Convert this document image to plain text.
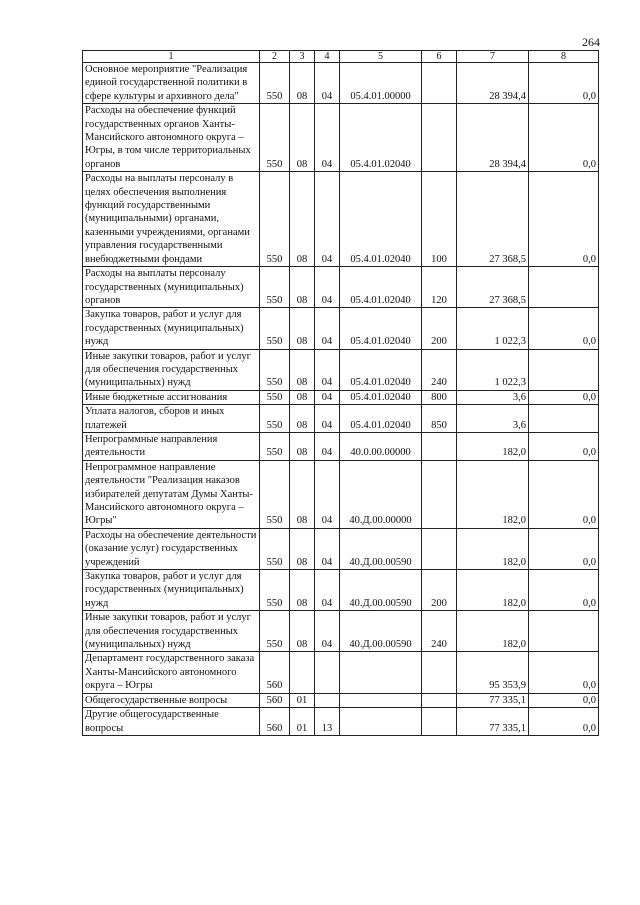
264
1	2	3	4	5	6	7	8
Основное мероприятие "Реализация единой государственной политики в сфере культуры и архивного дела"	550	08	04	05.4.01.00000		28 394,4	0,0
Расходы на обеспечение функций государственных органов Ханты-Мансийского автономного округа – Югры, в том числе территориальных органов	550	08	04	05.4.01.02040		28 394,4	0,0
Расходы на выплаты персоналу в целях обеспечения выполнения функций государственными (муниципальными) органами, казенными учреждениями, органами управления государственными внебюджетными фондами	550	08	04	05.4.01.02040	100	27 368,5	0,0
Расходы на выплаты персоналу государственных (муниципальных) органов	550	08	04	05.4.01.02040	120	27 368,5	
Закупка товаров, работ и услуг для государственных (муниципальных) нужд	550	08	04	05.4.01.02040	200	1 022,3	0,0
Иные закупки товаров, работ и услуг для обеспечения государственных (муниципальных) нужд	550	08	04	05.4.01.02040	240	1 022,3	
Иные бюджетные ассигнования	550	08	04	05.4.01.02040	800	3,6	0,0
Уплата налогов, сборов и иных платежей	550	08	04	05.4.01.02040	850	3,6	
Непрограммные направления деятельности	550	08	04	40.0.00.00000		182,0	0,0
Непрограммное направление деятельности "Реализация наказов избирателей депутатам Думы Ханты-Мансийского автономного округа – Югры"	550	08	04	40.Д.00.00000		182,0	0,0
Расходы на обеспечение деятельности (оказание услуг) государственных учреждений	550	08	04	40.Д.00.00590		182,0	0,0
Закупка товаров, работ и услуг для государственных (муниципальных) нужд	550	08	04	40.Д.00.00590	200	182,0	0,0
Иные закупки товаров, работ и услуг для обеспечения государственных (муниципальных) нужд	550	08	04	40.Д.00.00590	240	182,0	
Департамент государственного заказа Ханты-Мансийского автономного округа – Югры	560					95 353,9	0,0
Общегосударственные вопросы	560	01				77 335,1	0,0
Другие общегосударственные вопросы	560	01	13			77 335,1	0,0
